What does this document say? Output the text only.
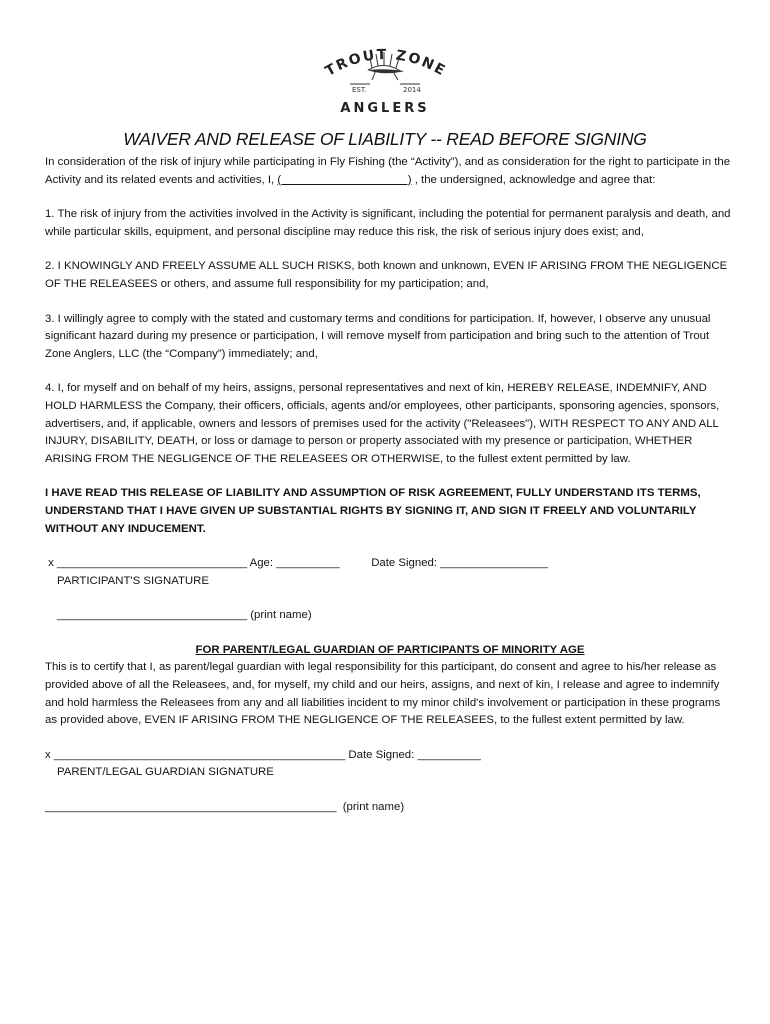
TROUT ZONE
EST.	2014
ANGLERS
WAIVER AND RELEASE OF LIABILITY -- READ BEFORE SIGNING

In consideration of the risk of injury while participating in Fly Fishing (the “Activity”), and as consideration for the right to participate in the Activity and its related events and activities, I, (                                        ) , the undersigned, acknowledge and agree that:

1. The risk of injury from the activities involved in the Activity is significant, including the potential for permanent paralysis and death, and while particular skills, equipment, and personal discipline may reduce this risk, the risk of serious injury does exist; and,

2. I KNOWINGLY AND FREELY ASSUME ALL SUCH RISKS, both known and unknown, EVEN IF ARISING FROM THE NEGLIGENCE OF THE RELEASEES or others, and assume full responsibility for my participation; and,

3. I willingly agree to comply with the stated and customary terms and conditions for participation. If, however, I observe any unusual significant hazard during my presence or participation, I will remove myself from participation and bring such to the attention of Trout Zone Anglers, LLC (the “Company”) immediately; and,

4. I, for myself and on behalf of my heirs, assigns, personal representatives and next of kin, HEREBY RELEASE, INDEMNIFY, AND HOLD HARMLESS the Company, their officers, officials, agents and/or employees, other participants, sponsoring agencies, sponsors, advertisers, and, if applicable, owners and lessors of premises used for the activity ("Releasees"), WITH RESPECT TO ANY AND ALL INJURY, DISABILITY, DEATH, or loss or damage to person or property associated with my presence or participation, WHETHER ARISING FROM THE NEGLIGENCE OF THE RELEASEES OR OTHERWISE, to the fullest extent permitted by law.

I HAVE READ THIS RELEASE OF LIABILITY AND ASSUMPTION OF RISK AGREEMENT, FULLY UNDERSTAND ITS TERMS, UNDERSTAND THAT I HAVE GIVEN UP SUBSTANTIAL RIGHTS BY SIGNING IT, AND SIGN IT FREELY AND VOLUNTARILY WITHOUT ANY INDUCEMENT.

x ______________________________ Age: __________          Date Signed: _________________

PARTICIPANT'S SIGNATURE

______________________________ (print name)

FOR PARENT/LEGAL GUARDIAN OF PARTICIPANTS OF MINORITY AGE

This is to certify that I, as parent/legal guardian with legal responsibility for this participant, do consent and agree to his/her release as provided above of all the Releasees, and, for myself, my child and our heirs, assigns, and next of kin, I release and agree to indemnify and hold harmless the Releasees from any and all liabilities incident to my minor child's involvement or participation in these programs as provided above, EVEN IF ARISING FROM THE NEGLIGENCE OF THE RELEASEES, to the fullest extent permitted by law.

x ______________________________________________ Date Signed: __________

PARENT/LEGAL GUARDIAN SIGNATURE

______________________________________________  (print name)
